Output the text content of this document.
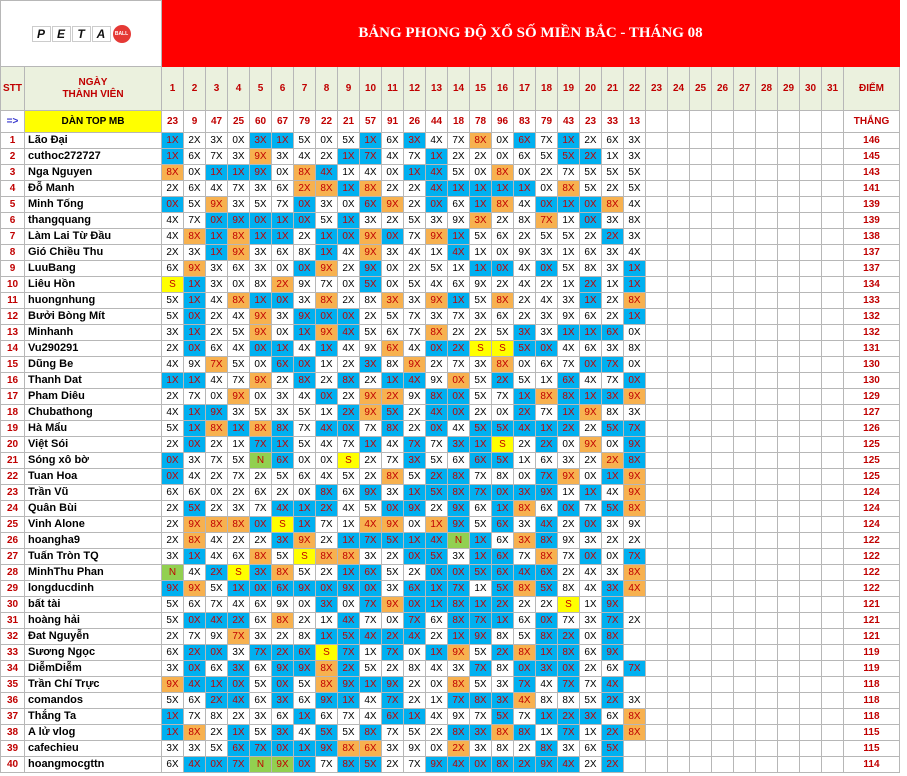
P E T A BALL		BẢNG PHONG ĐỘ XỔ SỐ MIỀN BẮC - THÁNG 08																															
STT	NGÀY
THÀNH VIÊN	1	2	3	4	5	6	7	8	9	10	11	12	13	14	15	16	17	18	19	20	21	22	23	24	25	26	27	28	29	30	31	ĐIỂM
=>	DÀN TOP MB	23	9	47	25	60	67	79	22	21	57	91	26	44	18	78	96	83	79	43	23	33	13										THẮNG
1	Lão Đại	1X	2X	3X	0X	3X	1X	5X	0X	5X	1X	6X	3X	4X	7X	8X	0X	6X	7X	1X	2X	6X	3X										146
2	cuthoc272727	1X	6X	7X	3X	9X	3X	4X	2X	1X	7X	4X	7X	1X	2X	2X	0X	6X	5X	5X	2X	1X	3X										145
3	Nga Nguyen	8X	0X	1X	1X	9X	0X	8X	4X	1X	4X	0X	1X	4X	5X	0X	8X	0X	2X	7X	5X	5X	5X										143
4	Đỗ Manh	2X	6X	4X	7X	3X	6X	2X	8X	1X	8X	2X	2X	4X	1X	1X	1X	1X	0X	8X	5X	2X	5X										141
5	Minh Tống	0X	5X	9X	3X	5X	7X	0X	3X	0X	6X	9X	2X	0X	6X	1X	8X	4X	0X	1X	0X	8X	4X										139
6	thangquang	4X	7X	0X	9X	0X	1X	0X	5X	1X	3X	2X	5X	3X	9X	3X	2X	8X	7X	1X	0X	3X	8X										139
7	Làm Lai Từ Đầu	4X	8X	1X	8X	1X	1X	2X	1X	0X	9X	0X	7X	9X	1X	5X	6X	2X	5X	5X	2X	2X	3X										138
8	Gió Chiều Thu	2X	3X	1X	9X	3X	6X	8X	1X	4X	9X	3X	4X	1X	4X	1X	0X	9X	3X	1X	6X	3X	4X										137
9	LuuBang	6X	9X	3X	6X	3X	0X	0X	9X	2X	9X	0X	2X	5X	1X	1X	0X	4X	0X	5X	8X	3X	1X										137
10	Liêu Hồn	S	1X	3X	0X	8X	2X	9X	7X	0X	5X	0X	5X	4X	6X	9X	2X	4X	2X	1X	2X	1X	1X										134
11	huongnhung	5X	1X	4X	8X	1X	0X	3X	8X	2X	8X	3X	3X	9X	1X	5X	8X	2X	4X	3X	1X	2X	8X										133
12	Bưởi Bòng Mít	5X	0X	2X	4X	9X	3X	9X	0X	0X	2X	5X	7X	3X	7X	3X	6X	2X	3X	9X	6X	2X	1X										132
13	Minhanh	3X	1X	2X	5X	9X	0X	1X	9X	4X	5X	6X	7X	8X	2X	2X	5X	3X	3X	1X	1X	6X	0X										132
14	Vu290291	2X	0X	6X	4X	0X	1X	4X	1X	4X	9X	6X	4X	0X	2X	S	S	5X	0X	4X	6X	3X	8X										131
15	Dũng Be	4X	9X	7X	5X	0X	6X	0X	1X	2X	3X	8X	9X	2X	7X	3X	8X	0X	6X	7X	0X	7X	0X										130
16	Thanh Dat	1X	1X	4X	7X	9X	2X	8X	2X	8X	2X	1X	4X	9X	0X	5X	2X	5X	1X	6X	4X	7X	0X										130
17	Pham Diêu	2X	7X	0X	9X	0X	3X	4X	0X	2X	9X	2X	9X	8X	0X	5X	7X	1X	8X	8X	1X	3X	9X										129
18	Chubathong	4X	1X	9X	3X	5X	3X	5X	1X	2X	9X	5X	2X	4X	0X	2X	0X	2X	7X	1X	9X	8X	3X										127
19	Hà Mẩu	5X	1X	8X	1X	8X	8X	7X	4X	0X	7X	8X	2X	0X	4X	5X	5X	4X	1X	2X	2X	5X	7X										126
20	Việt Sói	2X	0X	2X	1X	7X	1X	5X	4X	7X	1X	4X	7X	7X	3X	1X	S	2X	2X	0X	9X	0X	9X										125
21	Sóng xô bờ	0X	3X	7X	5X	N	6X	0X	0X	S	2X	7X	3X	5X	6X	6X	5X	1X	6X	3X	2X	2X	8X										125
22	Tuan Hoa	0X	4X	2X	7X	2X	5X	6X	4X	5X	2X	8X	5X	2X	8X	7X	8X	0X	7X	9X	0X	1X	9X										125
23	Trần Vũ	6X	6X	0X	2X	6X	2X	0X	8X	6X	9X	3X	1X	5X	8X	7X	0X	3X	9X	1X	1X	4X	9X										124
24	Quân Bùi	2X	5X	2X	3X	7X	4X	1X	2X	4X	5X	0X	9X	2X	9X	6X	1X	8X	6X	0X	7X	5X	8X										124
25	Vinh Alone	2X	9X	8X	8X	0X	S	1X	7X	1X	4X	9X	0X	1X	9X	5X	6X	3X	4X	2X	0X	3X	9X										124
26	hoangha9	2X	8X	4X	2X	2X	3X	9X	2X	1X	7X	5X	1X	4X	N	1X	6X	3X	8X	9X	3X	2X	2X										122
27	Tuấn Tròn TQ	3X	1X	4X	6X	8X	5X	S	8X	8X	3X	2X	0X	5X	3X	1X	6X	7X	8X	7X	0X	0X	7X										122
28	MinhThu Phan	N	4X	2X	S	3X	8X	5X	2X	1X	6X	5X	2X	0X	0X	5X	6X	4X	6X	2X	4X	3X	8X										122
29	longducdinh	9X	9X	5X	1X	0X	6X	9X	0X	9X	0X	3X	6X	1X	7X	1X	5X	8X	5X	8X	4X	3X	4X										122
30	bất tài	5X	6X	7X	4X	6X	9X	0X	3X	0X	7X	9X	0X	1X	8X	1X	2X	2X	2X	S	1X	9X											121
31	hoàng hải	5X	0X	4X	2X	6X	8X	2X	1X	4X	7X	0X	7X	6X	8X	7X	1X	6X	0X	7X	3X	7X	2X										121
32	Đat Nguyễn	2X	7X	9X	7X	3X	2X	8X	1X	5X	4X	2X	4X	2X	1X	9X	8X	5X	8X	2X	0X	8X											121
33	Sương Ngọc	6X	2X	0X	3X	7X	2X	6X	S	7X	1X	7X	0X	1X	9X	5X	2X	8X	1X	8X	6X	9X											119
34	DiễmDiễm	3X	0X	6X	3X	6X	9X	9X	8X	2X	5X	2X	8X	4X	3X	7X	8X	0X	3X	0X	2X	6X	7X										119
35	Trần Chí Trực	9X	4X	1X	0X	5X	0X	5X	8X	9X	1X	9X	2X	0X	8X	5X	3X	7X	4X	7X	7X	4X											118
36	comandos	5X	6X	2X	4X	6X	3X	6X	9X	1X	4X	7X	2X	1X	7X	8X	3X	4X	8X	8X	5X	2X	3X										118
37	Thắng Ta	1X	7X	8X	2X	3X	6X	1X	6X	7X	4X	6X	1X	4X	9X	7X	5X	7X	1X	2X	3X	6X	8X										118
38	A lử vlog	1X	8X	2X	1X	5X	3X	4X	5X	5X	8X	7X	5X	2X	8X	3X	8X	8X	1X	7X	1X	2X	8X										115
39	cafechieu	3X	3X	5X	6X	7X	0X	1X	9X	8X	6X	3X	9X	0X	2X	3X	8X	2X	8X	3X	6X	5X											115
40	hoangmocgttn	6X	4X	0X	7X	N	9X	0X	7X	8X	5X	2X	7X	9X	4X	0X	8X	2X	9X	4X	2X	2X											114
